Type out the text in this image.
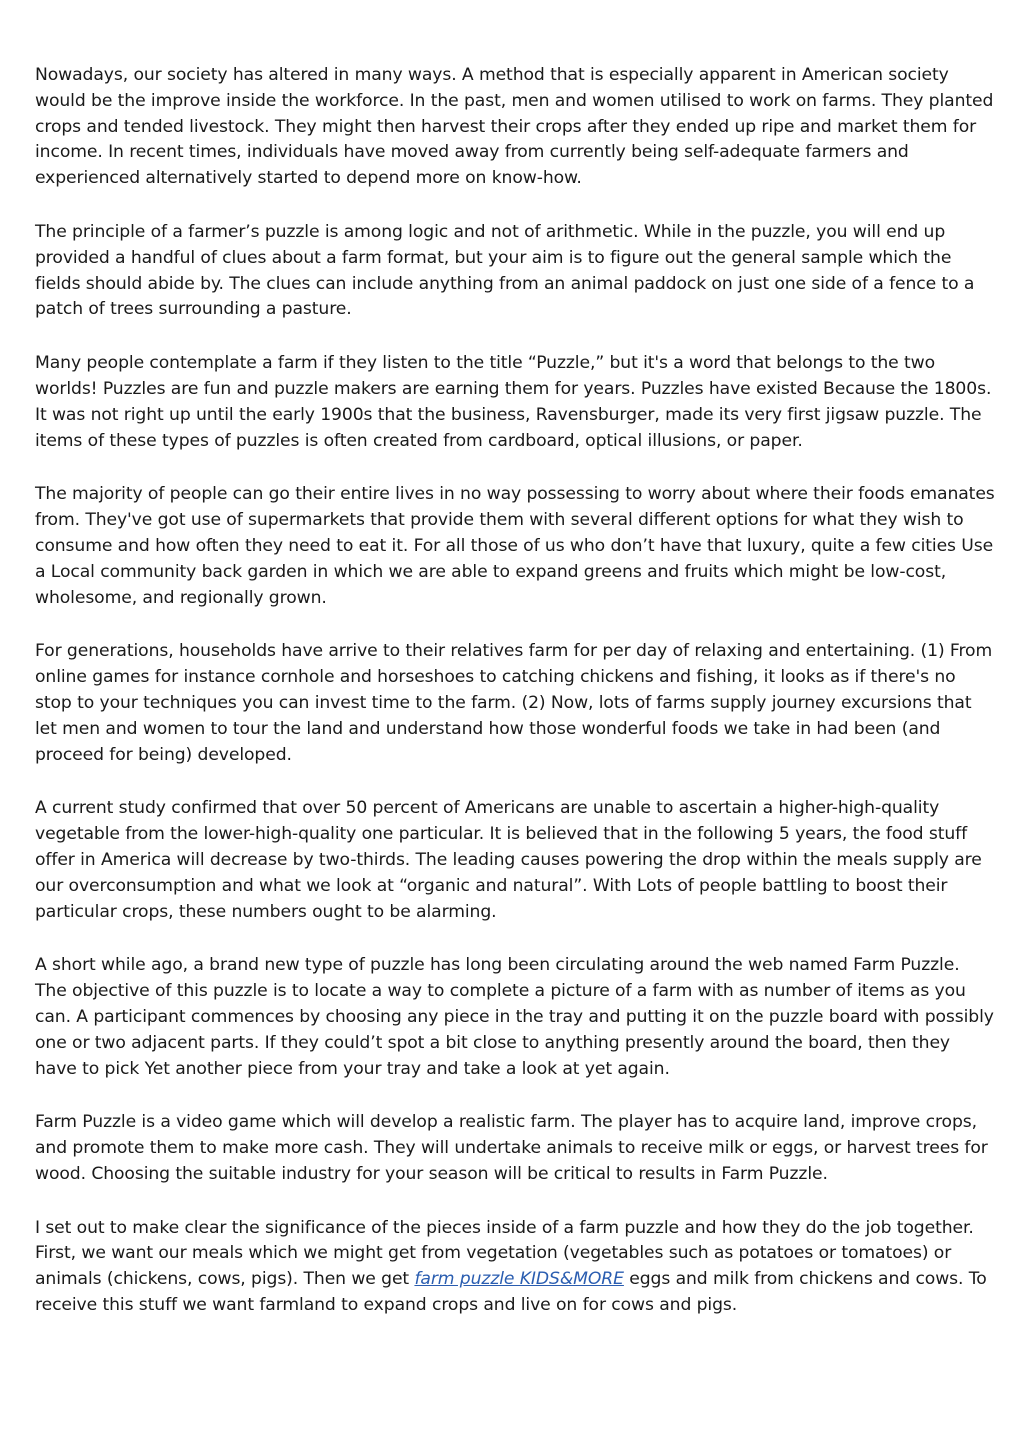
Nowadays, our society has altered in many ways. A method that is especially apparent in American society would be the improve inside the workforce. In the past, men and women utilised to work on farms. They planted crops and tended livestock. They might then harvest their crops after they ended up ripe and market them for income. In recent times, individuals have moved away from currently being self-adequate farmers and experienced alternatively started to depend more on know-how.

The principle of a farmer’s puzzle is among logic and not of arithmetic. While in the puzzle, you will end up provided a handful of clues about a farm format, but your aim is to figure out the general sample which the fields should abide by. The clues can include anything from an animal paddock on just one side of a fence to a patch of trees surrounding a pasture.

Many people contemplate a farm if they listen to the title “Puzzle,” but it's a word that belongs to the two worlds! Puzzles are fun and puzzle makers are earning them for years. Puzzles have existed Because the 1800s. It was not right up until the early 1900s that the business, Ravensburger, made its very first jigsaw puzzle. The items of these types of puzzles is often created from cardboard, optical illusions, or paper.

The majority of people can go their entire lives in no way possessing to worry about where their foods emanates from. They've got use of supermarkets that provide them with several different options for what they wish to consume and how often they need to eat it. For all those of us who don’t have that luxury, quite a few cities Use a Local community back garden in which we are able to expand greens and fruits which might be low-cost, wholesome, and regionally grown.

For generations, households have arrive to their relatives farm for per day of relaxing and entertaining. (1) From online games for instance cornhole and horseshoes to catching chickens and fishing, it looks as if there's no stop to your techniques you can invest time to the farm. (2) Now, lots of farms supply journey excursions that let men and women to tour the land and understand how those wonderful foods we take in had been (and proceed for being) developed.

A current study confirmed that over 50 percent of Americans are unable to ascertain a higher-high-quality vegetable from the lower-high-quality one particular. It is believed that in the following 5 years, the food stuff offer in America will decrease by two-thirds. The leading causes powering the drop within the meals supply are our overconsumption and what we look at “organic and natural”. With Lots of people battling to boost their particular crops, these numbers ought to be alarming.

A short while ago, a brand new type of puzzle has long been circulating around the web named Farm Puzzle. The objective of this puzzle is to locate a way to complete a picture of a farm with as number of items as you can. A participant commences by choosing any piece in the tray and putting it on the puzzle board with possibly one or two adjacent parts. If they could’t spot a bit close to anything presently around the board, then they have to pick Yet another piece from your tray and take a look at yet again.

Farm Puzzle is a video game which will develop a realistic farm. The player has to acquire land, improve crops, and promote them to make more cash. They will undertake animals to receive milk or eggs, or harvest trees for wood. Choosing the suitable industry for your season will be critical to results in Farm Puzzle.

I set out to make clear the significance of the pieces inside of a farm puzzle and how they do the job together. First, we want our meals which we might get from vegetation (vegetables such as potatoes or tomatoes) or animals (chickens, cows, pigs). Then we get farm puzzle KIDS&MORE eggs and milk from chickens and cows. To receive this stuff we want farmland to expand crops and live on for cows and pigs.
